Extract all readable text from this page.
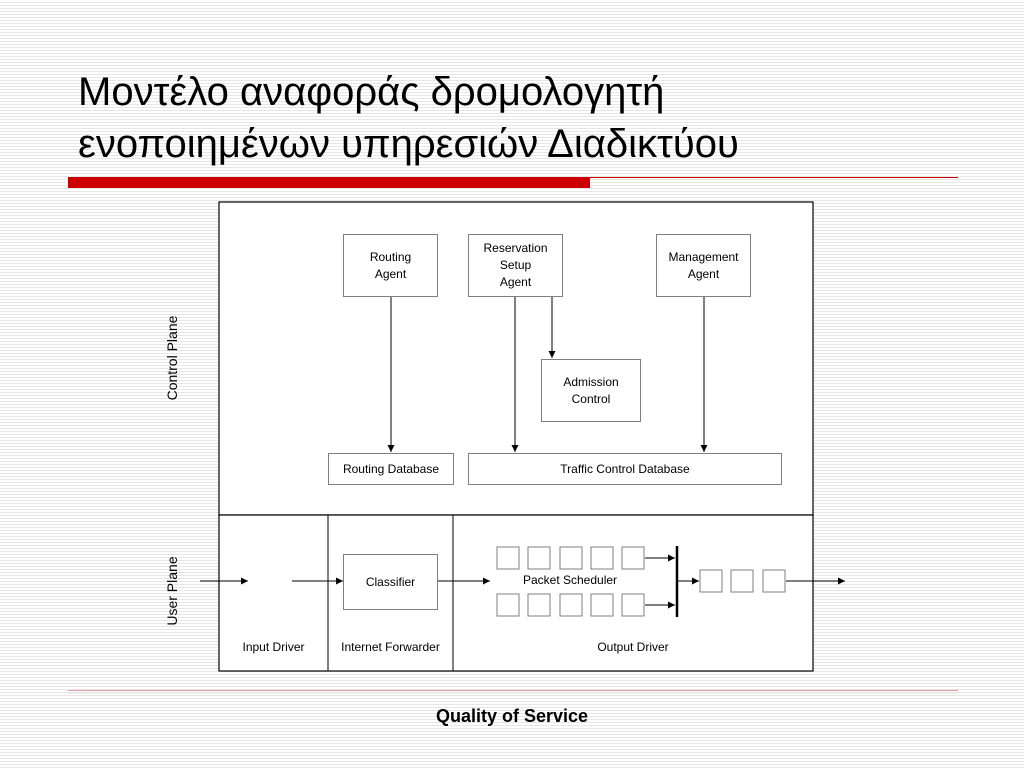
Μοντέλο αναφοράς δρομολογητή
ενοποιημένων υπηρεσιών Διαδικτύου
Routing
Agent
Reservation
Setup
Agent
Management
Agent
Admission
Control
Routing Database	Traffic Control Database
Classifier	Packet Scheduler
Input Driver	Internet Forwarder	Output Driver
Control Plane
User Plane
Quality of Service
